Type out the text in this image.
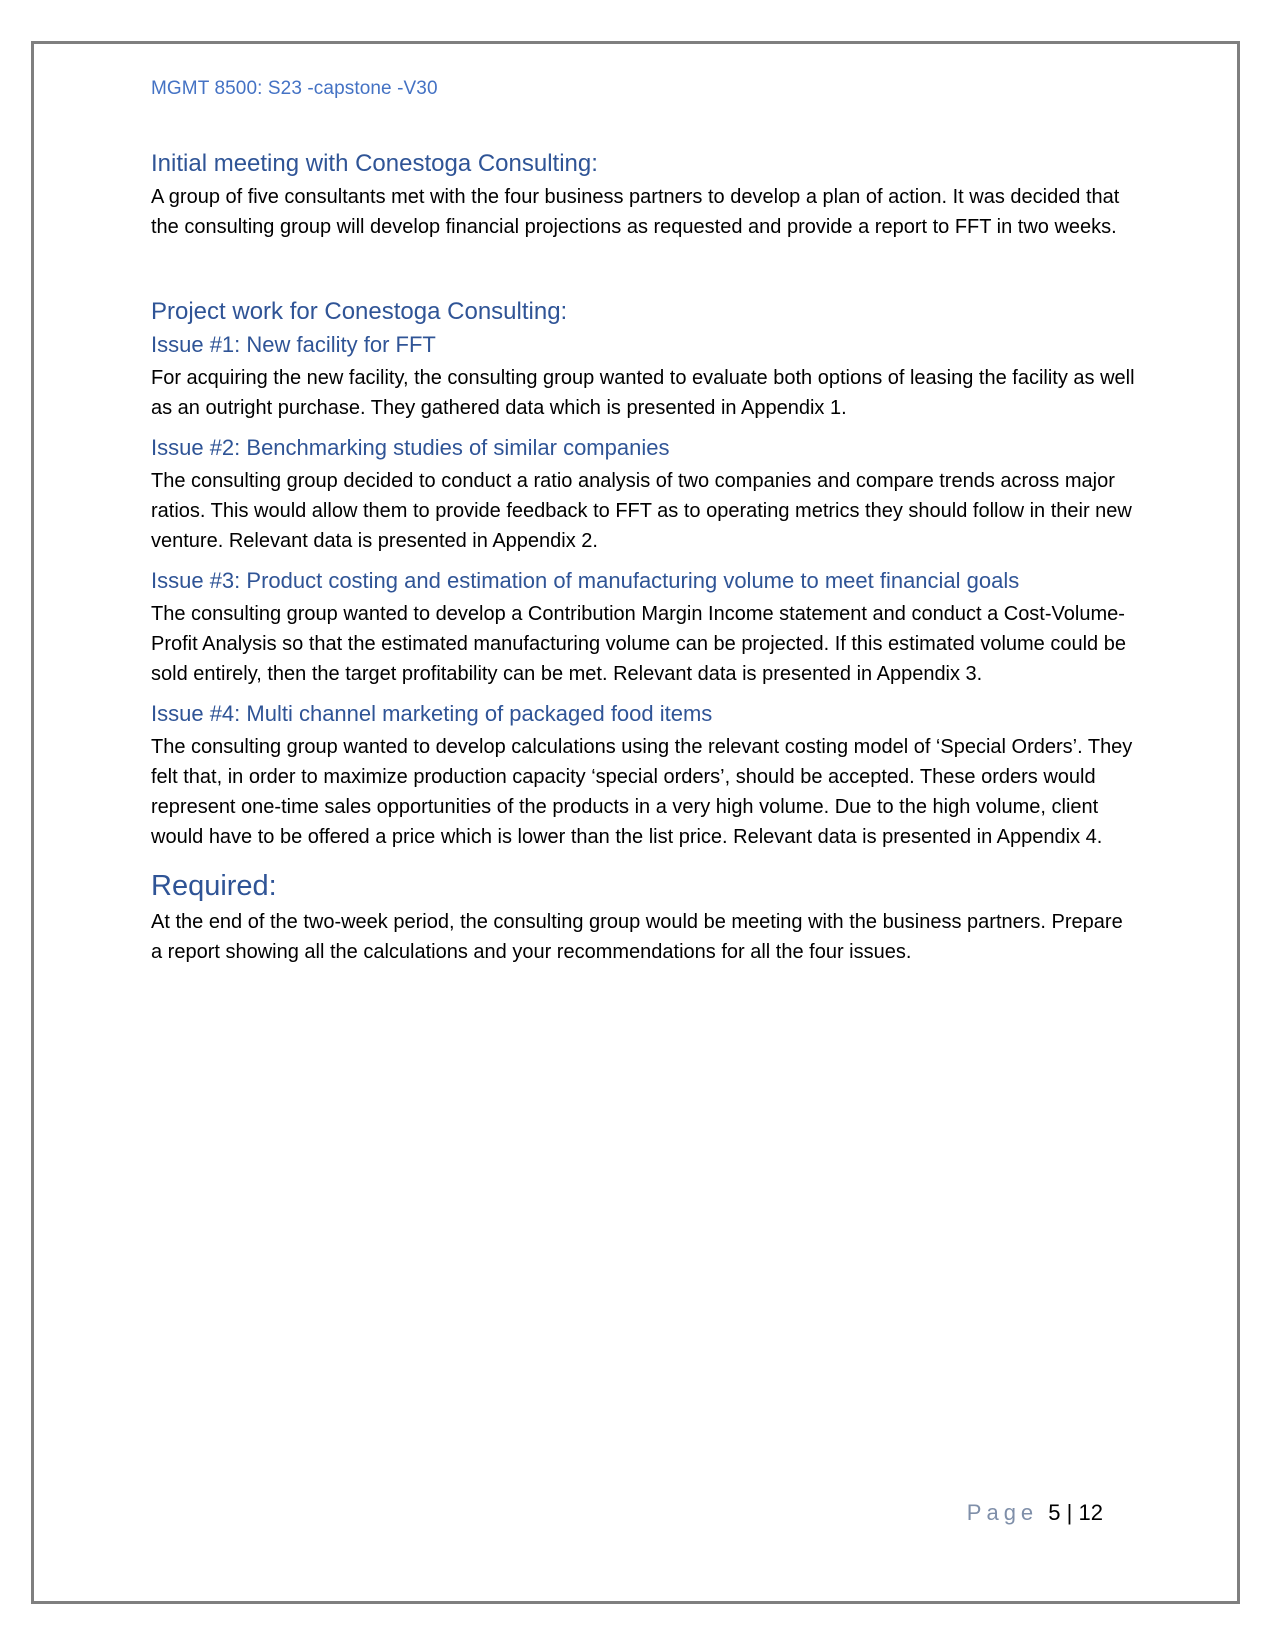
MGMT 8500: S23 -capstone -V30
Initial meeting with Conestoga Consulting:

A group of five consultants met with the four business partners to develop a plan of action. It was decided that the consulting group will develop financial projections as requested and provide a report to FFT in two weeks.

Project work for Conestoga Consulting:
Issue #1: New facility for FFT

For acquiring the new facility, the consulting group wanted to evaluate both options of leasing the facility as well as an outright purchase. They gathered data which is presented in Appendix 1.

Issue #2: Benchmarking studies of similar companies

The consulting group decided to conduct a ratio analysis of two companies and compare trends across major ratios. This would allow them to provide feedback to FFT as to operating metrics they should follow in their new venture. Relevant data is presented in Appendix 2.

Issue #3: Product costing and estimation of manufacturing volume to meet financial goals

The consulting group wanted to develop a Contribution Margin Income statement and conduct a Cost-Volume-Profit Analysis so that the estimated manufacturing volume can be projected. If this estimated volume could be sold entirely, then the target profitability can be met. Relevant data is presented in Appendix 3.

Issue #4: Multi channel marketing of packaged food items

The consulting group wanted to develop calculations using the relevant costing model of ‘Special Orders’. They felt that, in order to maximize production capacity ‘special orders’, should be accepted. These orders would represent one-time sales opportunities of the products in a very high volume. Due to the high volume, client would have to be offered a price which is lower than the list price. Relevant data is presented in Appendix 4.

Required:

At the end of the two-week period, the consulting group would be meeting with the business partners. Prepare a report showing all the calculations and your recommendations for all the four issues.

Page 5 | 12
